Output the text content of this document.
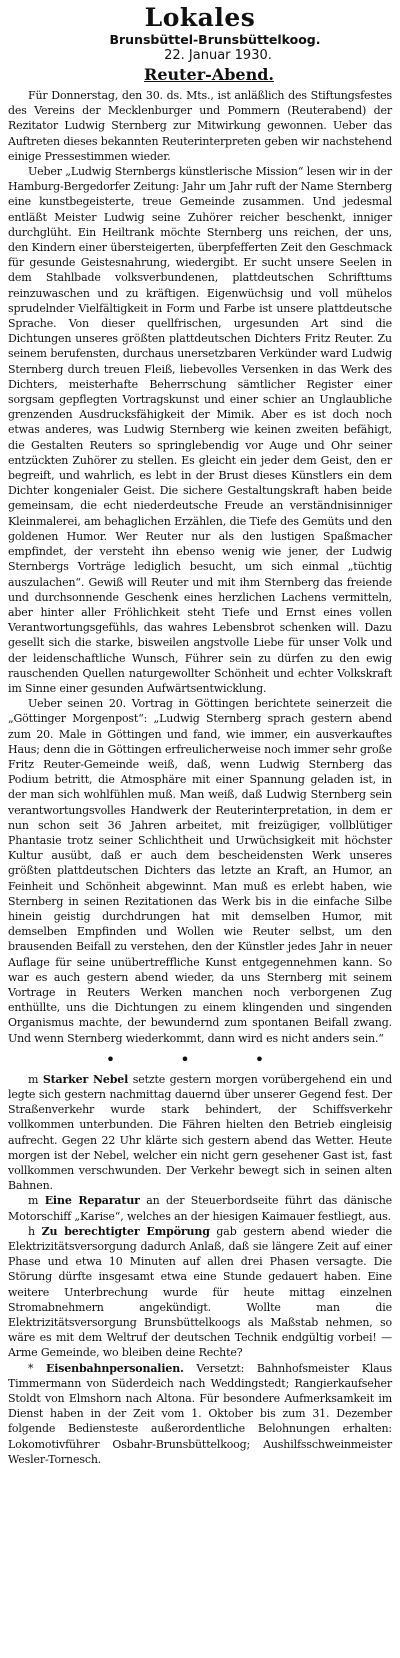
Lokales
Brunsbüttel-Brunsbüttelkoog.
22. Januar 1930.
Reuter-Abend.

Für Donnerstag, den 30. ds. Mts., ist anläßlich des Stiftungsfestes des Vereins der Mecklenburger und Pommern (Reuterabend) der Rezitator Ludwig Sternberg zur Mitwirkung gewonnen. Ueber das Auftreten dieses bekannten Reuterinterpreten geben wir nachstehend einige Pressestimmen wieder.

Ueber „Ludwig Sternbergs künstlerische Mission“ lesen wir in der Hamburg-Bergedorfer Zeitung: Jahr um Jahr ruft der Name Sternberg eine kunstbegeisterte, treue Gemeinde zusammen. Und jedesmal entläßt Meister Ludwig seine Zuhörer reicher beschenkt, inniger durchglüht. Ein Heiltrank möchte Sternberg uns reichen, der uns, den Kindern einer übersteigerten, überpfefferten Zeit den Geschmack für gesunde Geistesnahrung, wiedergibt. Er sucht unsere Seelen in dem Stahlbade volksverbundenen, plattdeutschen Schrifttums reinzuwaschen und zu kräftigen. Eigenwüchsig und voll mühelos sprudelnder Vielfältigkeit in Form und Farbe ist unsere plattdeutsche Sprache. Von dieser quellfrischen, urgesunden Art sind die Dichtungen unseres größten plattdeutschen Dichters Fritz Reuter. Zu seinem berufensten, durchaus unersetzbaren Verkünder ward Ludwig Sternberg durch treuen Fleiß, liebevolles Versenken in das Werk des Dichters, meisterhafte Beherrschung sämtlicher Register einer sorgsam gepflegten Vortragskunst und einer schier an Unglaubliche grenzenden Ausdrucksfähigkeit der Mimik. Aber es ist doch noch etwas anderes, was Ludwig Sternberg wie keinen zweiten befähigt, die Gestalten Reuters so springlebendig vor Auge und Ohr seiner entzückten Zuhörer zu stellen. Es gleicht ein jeder dem Geist, den er begreift, und wahrlich, es lebt in der Brust dieses Künstlers ein dem Dichter kongenialer Geist. Die sichere Gestaltungskraft haben beide gemeinsam, die echt niederdeutsche Freude an verständnisinniger Kleinmalerei, am behaglichen Erzählen, die Tiefe des Gemüts und den goldenen Humor. Wer Reuter nur als den lustigen Spaßmacher empfindet, der versteht ihn ebenso wenig wie jener, der Ludwig Sternbergs Vorträge lediglich besucht, um sich einmal „tüchtig auszulachen“. Gewiß will Reuter und mit ihm Sternberg das freiende und durchsonnende Geschenk eines herzlichen Lachens vermitteln, aber hinter aller Fröhlichkeit steht Tiefe und Ernst eines vollen Verantwortungsgefühls, das wahres Lebensbrot schenken will. Dazu gesellt sich die starke, bisweilen angstvolle Liebe für unser Volk und der leidenschaftliche Wunsch, Führer sein zu dürfen zu den ewig rauschenden Quellen naturgewollter Schönheit und echter Volkskraft im Sinne einer gesunden Aufwärtsentwicklung.

Ueber seinen 20. Vortrag in Göttingen berichtete seinerzeit die „Göttinger Morgenpost“: „Ludwig Sternberg sprach gestern abend zum 20. Male in Göttingen und fand, wie immer, ein ausverkauftes Haus; denn die in Göttingen erfreulicherweise noch immer sehr große Fritz Reuter-Gemeinde weiß, daß, wenn Ludwig Sternberg das Podium betritt, die Atmosphäre mit einer Spannung geladen ist, in der man sich wohlfühlen muß. Man weiß, daß Ludwig Sternberg sein verantwortungsvolles Handwerk der Reuterinterpretation, in dem er nun schon seit 36 Jahren arbeitet, mit freizügiger, vollblütiger Phantasie trotz seiner Schlichtheit und Urwüchsigkeit mit höchster Kultur ausübt, daß er auch dem bescheidensten Werk unseres größten plattdeutschen Dichters das letzte an Kraft, an Humor, an Feinheit und Schönheit abgewinnt. Man muß es erlebt haben, wie Sternberg in seinen Rezitationen das Werk bis in die einfache Silbe hinein geistig durchdrungen hat mit demselben Humor, mit demselben Empfinden und Wollen wie Reuter selbst, um den brausenden Beifall zu verstehen, den der Künstler jedes Jahr in neuer Auflage für seine unübertreffliche Kunst entgegennehmen kann. So war es auch gestern abend wieder, da uns Sternberg mit seinem Vortrage in Reuters Werken manchen noch verborgenen Zug enthüllte, uns die Dichtungen zu einem klingenden und singenden Organismus machte, der bewundernd zum spontanen Beifall zwang. Und wenn Sternberg wiederkommt, dann wird es nicht anders sein.“

• • •

m Starker Nebel setzte gestern morgen vorübergehend ein und legte sich gestern nachmittag dauernd über unserer Gegend fest. Der Straßenverkehr wurde stark behindert, der Schiffsverkehr vollkommen unterbunden. Die Fähren hielten den Betrieb eingleisig aufrecht. Gegen 22 Uhr klärte sich gestern abend das Wetter. Heute morgen ist der Nebel, welcher ein nicht gern gesehener Gast ist, fast vollkommen verschwunden. Der Verkehr bewegt sich in seinen alten Bahnen.

m Eine Reparatur an der Steuerbordseite führt das dänische Motorschiff „Karise“, welches an der hiesigen Kaimauer festliegt, aus.

h Zu berechtigter Empörung gab gestern abend wieder die Elektrizitätsversorgung dadurch Anlaß, daß sie längere Zeit auf einer Phase und etwa 10 Minuten auf allen drei Phasen versagte. Die Störung dürfte insgesamt etwa eine Stunde gedauert haben. Eine weitere Unterbrechung wurde für heute mittag einzelnen Stromabnehmern angekündigt. Wollte man die Elektrizitätsversorgung Brunsbüttelkoogs als Maßstab nehmen, so wäre es mit dem Weltruf der deutschen Technik endgültig vorbei! — Arme Gemeinde, wo bleiben deine Rechte?

* Eisenbahnpersonalien. Versetzt: Bahnhofsmeister Klaus Timmermann von Süderdeich nach Weddingstedt; Rangierkaufseher Stoldt von Elmshorn nach Altona. Für besondere Aufmerksamkeit im Dienst haben in der Zeit vom 1. Oktober bis zum 31. Dezember folgende Bediensteste außerordentliche Belohnungen erhalten: Lokomotivführer Osbahr-Brunsbüttelkoog; Aushilfsschweinmeister Wesler-Tornesch.
